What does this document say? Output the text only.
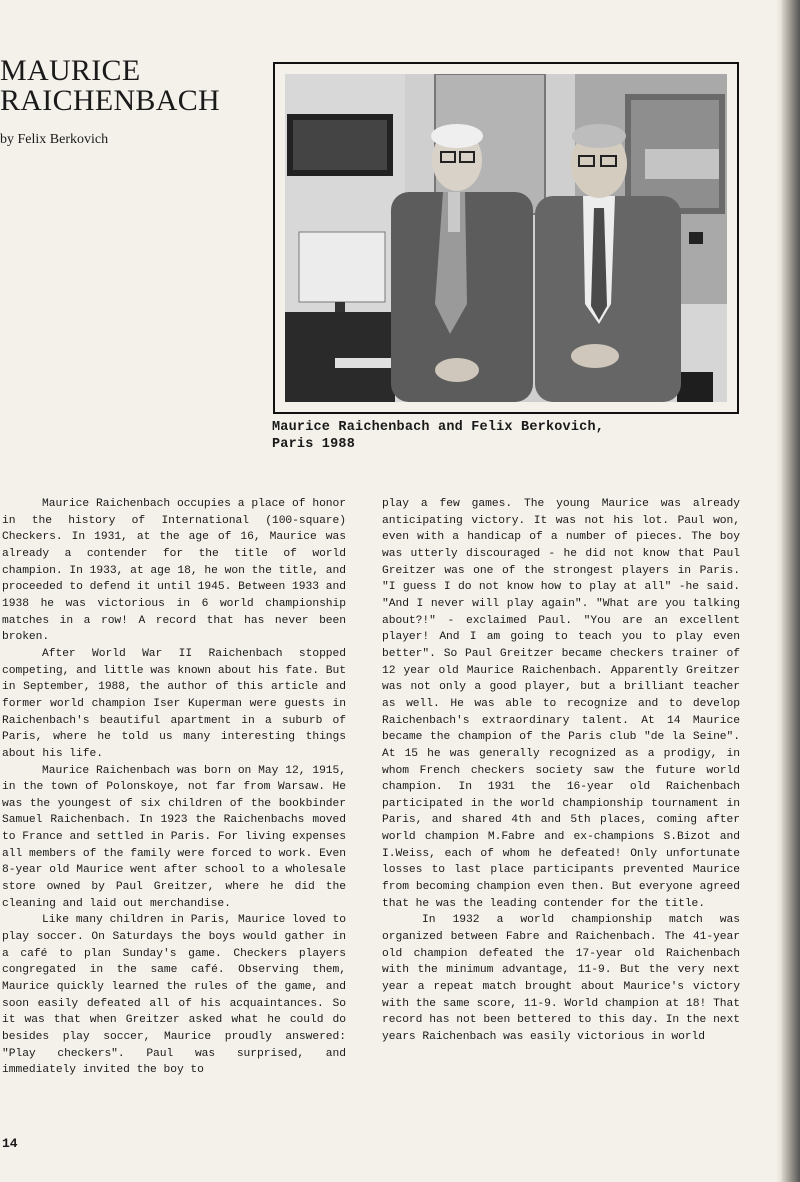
MAURICE
RAICHENBACH
by Felix Berkovich
Maurice Raichenbach and Felix Berkovich,
Paris 1988

Maurice Raichenbach occupies a place of honor in the history of International (100-square) Checkers. In 1931, at the age of 16, Maurice was already a contender for the title of world champion. In 1933, at age 18, he won the title, and proceeded to defend it until 1945. Between 1933 and 1938 he was victorious in 6 world championship matches in a row! A record that has never been broken.

After World War II Raichenbach stopped competing, and little was known about his fate. But in September, 1988, the author of this article and former world champion Iser Kuperman were guests in Raichenbach's beautiful apartment in a suburb of Paris, where he told us many interesting things about his life.

Maurice Raichenbach was born on May 12, 1915, in the town of Polonskoye, not far from Warsaw. He was the youngest of six children of the bookbinder Samuel Raichenbach. In 1923 the Raichenbachs moved to France and settled in Paris. For living expenses all members of the family were forced to work. Even 8-year old Maurice went after school to a wholesale store owned by Paul Greitzer, where he did the cleaning and laid out merchandise.

Like many children in Paris, Maurice loved to play soccer. On Saturdays the boys would gather in a café to plan Sunday's game. Checkers players congregated in the same café. Observing them, Maurice quickly learned the rules of the game, and soon easily defeated all of his acquaintances. So it was that when Greitzer asked what he could do besides play soccer, Maurice proudly answered: "Play checkers". Paul was surprised, and immediately invited the boy to

play a few games. The young Maurice was already anticipating victory. It was not his lot. Paul won, even with a handicap of a number of pieces. The boy was utterly discouraged - he did not know that Paul Greitzer was one of the strongest players in Paris. "I guess I do not know how to play at all" -he said. "And I never will play again". "What are you talking about?!" - exclaimed Paul. "You are an excellent player! And I am going to teach you to play even better". So Paul Greitzer became checkers trainer of 12 year old Maurice Raichenbach. Apparently Greitzer was not only a good player, but a brilliant teacher as well. He was able to recognize and to develop Raichenbach's extraordinary talent. At 14 Maurice became the champion of the Paris club "de la Seine". At 15 he was generally recognized as a prodigy, in whom French checkers society saw the future world champion. In 1931 the 16-year old Raichenbach participated in the world championship tournament in Paris, and shared 4th and 5th places, coming after world champion M.Fabre and ex-champions S.Bizot and I.Weiss, each of whom he defeated! Only unfortunate losses to last place participants prevented Maurice from becoming champion even then. But everyone agreed that he was the leading contender for the title.

In 1932 a world championship match was organized between Fabre and Raichenbach. The 41-year old champion defeated the 17-year old Raichenbach with the minimum advantage, 11-9. But the very next year a repeat match brought about Maurice's victory with the same score, 11-9. World champion at 18! That record has not been bettered to this day. In the next years Raichenbach was easily victorious in world

14
